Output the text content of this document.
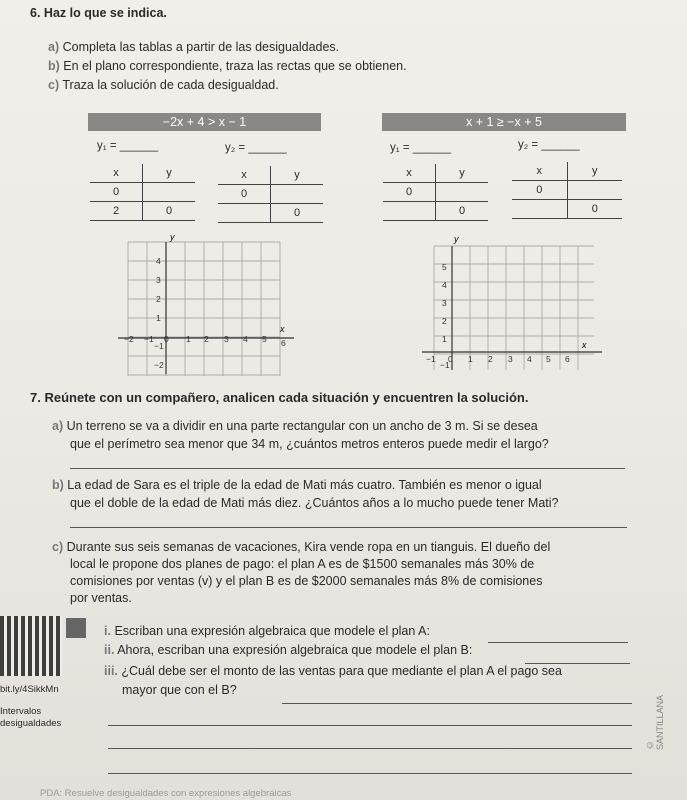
6. Haz lo que se indica.
a) Completa las tablas a partir de las desigualdades.
b) En el plano correspondiente, traza las rectas que se obtienen.
c) Traza la solución de cada desigualdad.
−2x + 4 > x − 1
y₁ = ______	y₂ = ______
x	y
0	
2	0
x	y
0	
	0
x + 1 ≥ −x + 5
y₁ = ______	y₂ = ______
x	y
0	
	0
x	y
0	
	0
y
x
4
3
2
1
−1
−2
−2 −1 0 1 2 3 4 5 6
y
x
5
4
3
2
1
−1
−1 0 1 2 3 4 5 6
7. Reúnete con un compañero, analicen cada situación y encuentren la solución.
a) Un terreno se va a dividir en una parte rectangular con un ancho de 3 m. Si se desea
que el perímetro sea menor que 34 m, ¿cuántos metros enteros puede medir el largo?
b) La edad de Sara es el triple de la edad de Mati más cuatro. También es menor o igual
que el doble de la edad de Mati más diez. ¿Cuántos años a lo mucho puede tener Mati?
c) Durante sus seis semanas de vacaciones, Kira vende ropa en un tianguis. El dueño del
local le propone dos planes de pago: el plan A es de $1500 semanales más 30% de
comisiones por ventas (v) y el plan B es de $2000 semanales más 8% de comisiones
por ventas.
bit.ly/4SikkMn
Intervalos
desigualdades
i. Escriban una expresión algebraica que modele el plan A:
ii. Ahora, escriban una expresión algebraica que modele el plan B:
iii. ¿Cuál debe ser el monto de las ventas para que mediante el plan A el pago sea
mayor que con el B?
© SANTILLANA
PDA: Resuelve desigualdades con expresiones algebraicas
